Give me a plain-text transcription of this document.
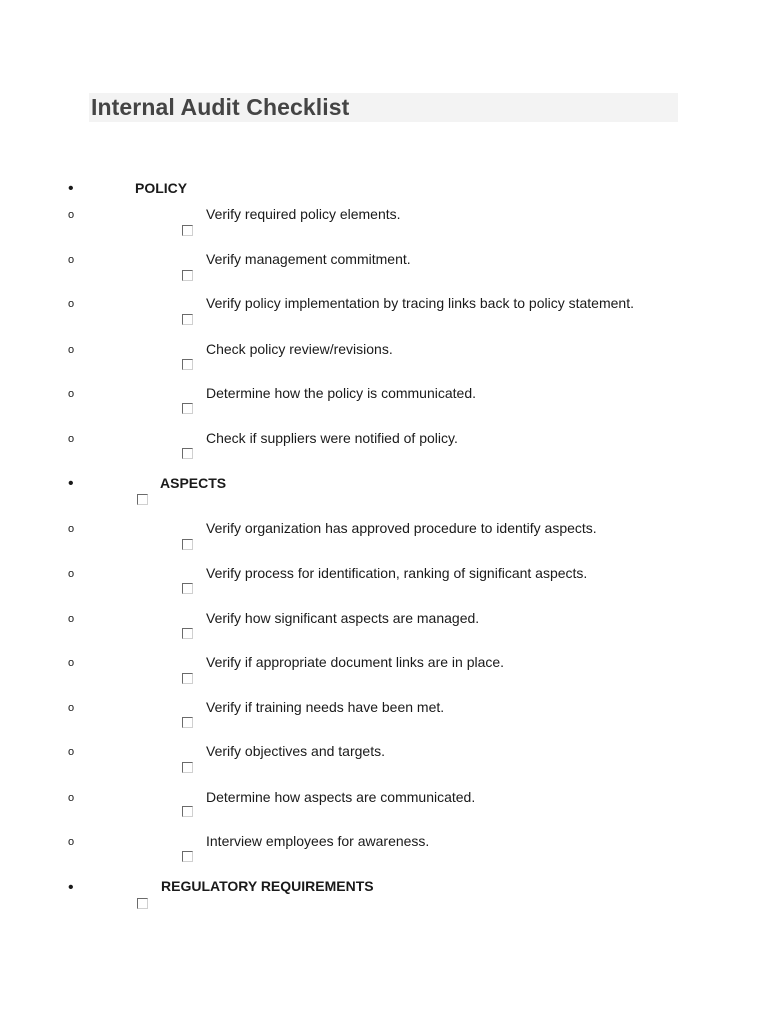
Internal Audit Checklist
•	POLICY
o	Verify required policy elements.
o	Verify management commitment.
o	Verify policy implementation by tracing links back to policy statement.
o	Check policy review/revisions.
o	Determine how the policy is communicated.
o	Check if suppliers were notified of policy.
•	ASPECTS
o	Verify organization has approved procedure to identify aspects.
o	Verify process for identification, ranking of significant aspects.
o	Verify how significant aspects are managed.
o	Verify if appropriate document links are in place.
o	Verify if training needs have been met.
o	Verify objectives and targets.
o	Determine how aspects are communicated.
o	Interview employees for awareness.
•	REGULATORY REQUIREMENTS
